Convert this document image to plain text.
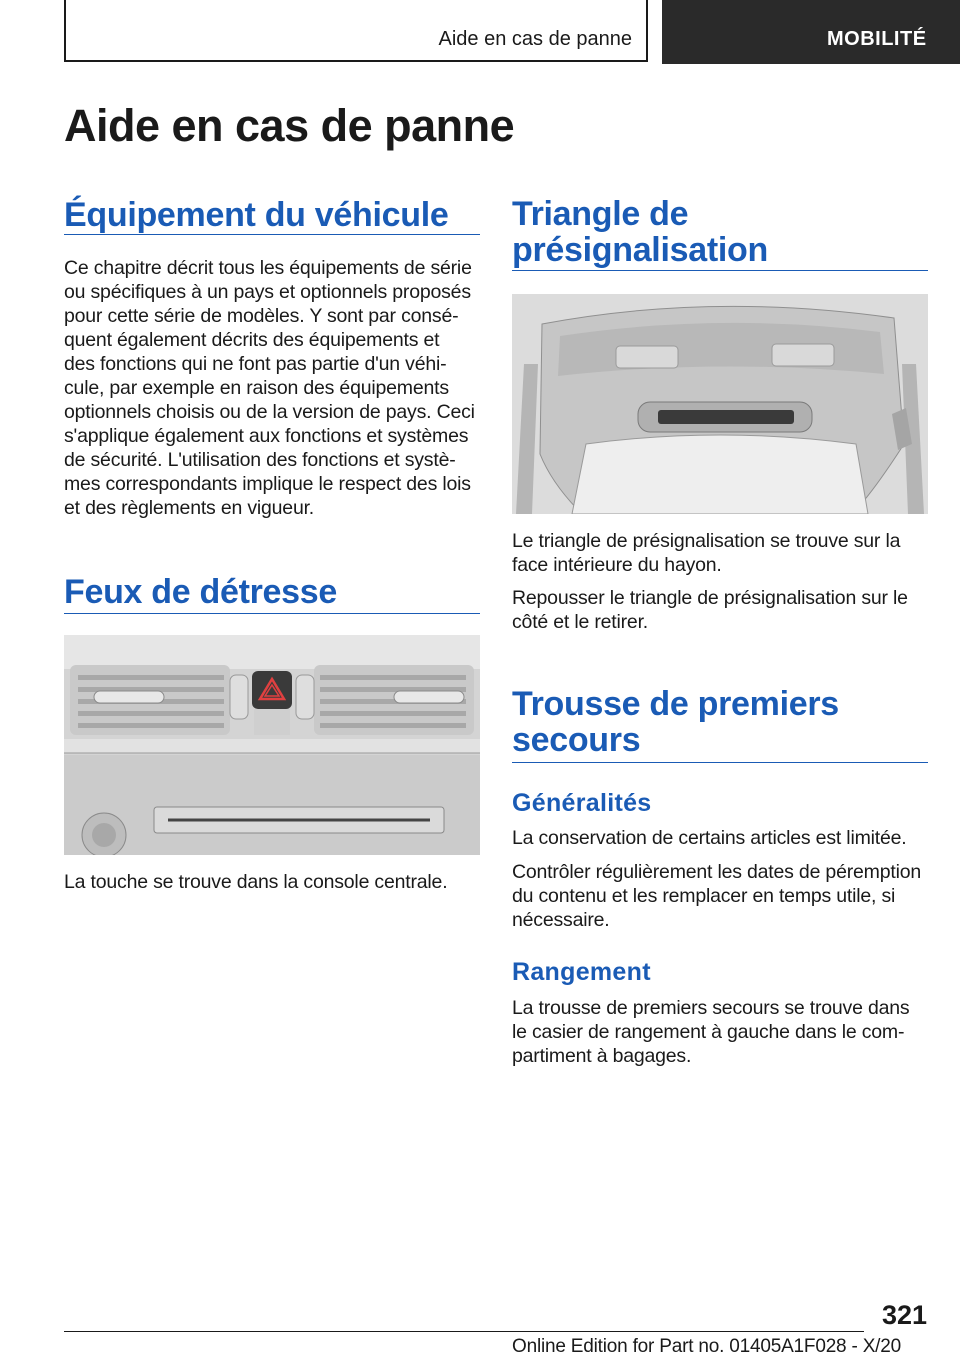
Aide en cas de panne	MOBILITÉ
Aide en cas de panne
Équipement du véhicule
Ce chapitre décrit tous les équipements de série
ou spécifiques à un pays et optionnels proposés
pour cette série de modèles. Y sont par consé-
quent également décrits des équipements et
des fonctions qui ne font pas partie d'un véhi-
cule, par exemple en raison des équipements
optionnels choisis ou de la version de pays. Ceci
s'applique également aux fonctions et systèmes
de sécurité. L'utilisation des fonctions et systè-
mes correspondants implique le respect des lois
et des règlements en vigueur.
Feux de détresse

La touche se trouve dans la console centrale.

Triangle de
présignalisation
Le triangle de présignalisation se trouve sur la
face intérieure du hayon.
Repousser le triangle de présignalisation sur le
côté et le retirer.
Trousse de premiers
secours
Généralités

La conservation de certains articles est limitée.

Contrôler régulièrement les dates de péremption
du contenu et les remplacer en temps utile, si
nécessaire.
Rangement
La trousse de premiers secours se trouve dans
le casier de rangement à gauche dans le com-
partiment à bagages.
321
Online Edition for Part no. 01405A1F028 - X/20
